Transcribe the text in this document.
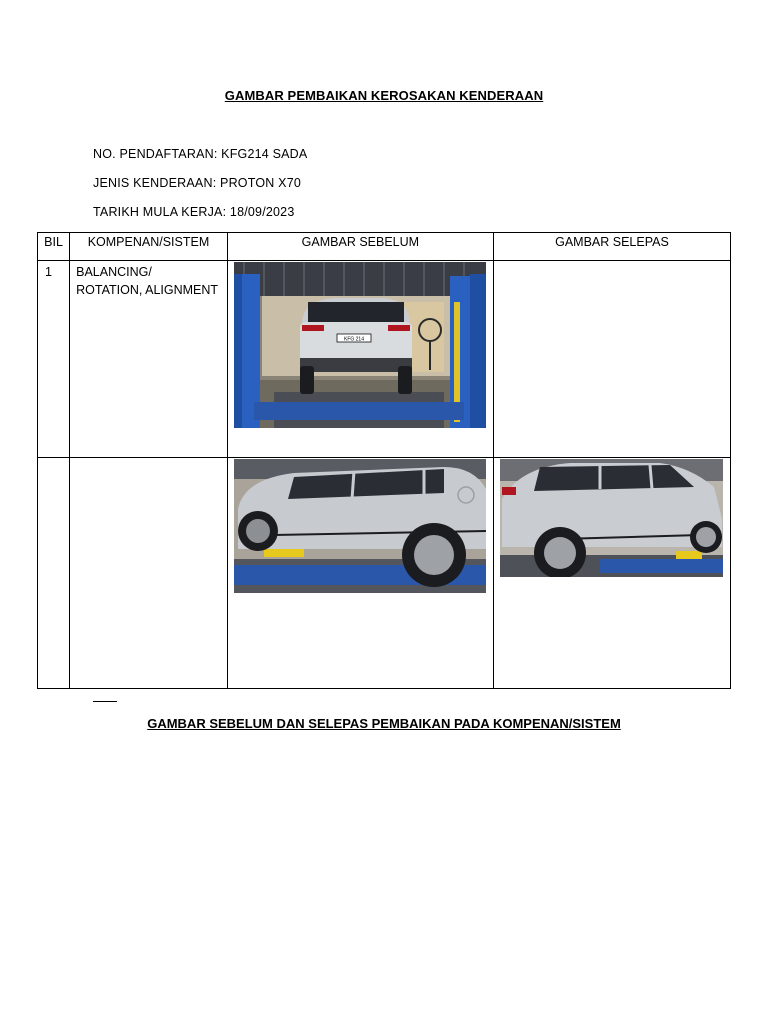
GAMBAR PEMBAIKAN KEROSAKAN KENDERAAN
NO. PENDAFTARAN: KFG214 SADA
JENIS KENDERAAN: PROTON X70
TARIKH MULA KERJA: 18/09/2023
BIL	KOMPENAN/SISTEM	GAMBAR SEBELUM	GAMBAR SELEPAS

1	BALANCING/ ROTATION, ALIGNMENT	KFG 214	

GAMBAR SEBELUM DAN SELEPAS PEMBAIKAN PADA KOMPENAN/SISTEM
